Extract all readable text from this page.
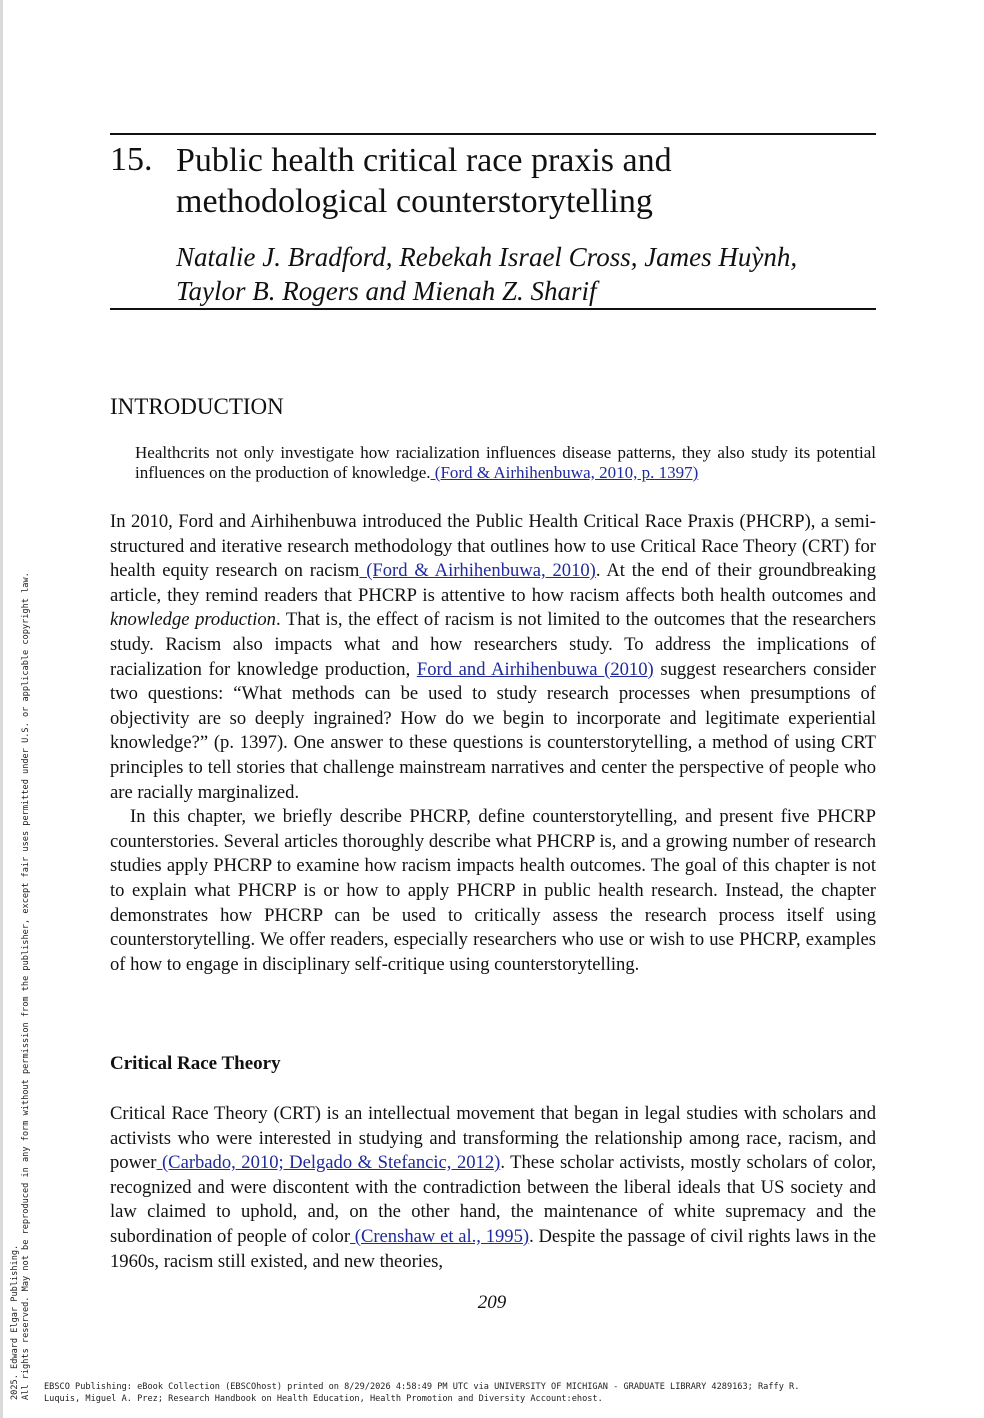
15. Public health critical race praxis and
methodological counterstorytelling
Natalie J. Bradford, Rebekah Israel Cross, James Huỳnh,
Taylor B. Rogers and Mienah Z. Sharif
INTRODUCTION
Healthcrits not only investigate how racialization influences disease patterns, they also study its potential influences on the production of knowledge. (Ford & Airhihenbuwa, 2010, p. 1397)

In 2010, Ford and Airhihenbuwa introduced the Public Health Critical Race Praxis (PHCRP), a semi-structured and iterative research methodology that outlines how to use Critical Race Theory (CRT) for health equity research on racism (Ford & Airhihenbuwa, 2010). At the end of their groundbreaking article, they remind readers that PHCRP is attentive to how racism affects both health outcomes and knowledge production. That is, the effect of racism is not limited to the outcomes that the researchers study. Racism also impacts what and how researchers study. To address the implications of racialization for knowledge production, Ford and Airhihenbuwa (2010) suggest researchers consider two questions: “What methods can be used to study research processes when presumptions of objectivity are so deeply ingrained? How do we begin to incorporate and legitimate experiential knowledge?” (p. 1397). One answer to these questions is counterstorytelling, a method of using CRT principles to tell stories that challenge mainstream narratives and center the perspective of people who are racially marginalized.

In this chapter, we briefly describe PHCRP, define counterstorytelling, and present five PHCRP counterstories. Several articles thoroughly describe what PHCRP is, and a growing number of research studies apply PHCRP to examine how racism impacts health outcomes. The goal of this chapter is not to explain what PHCRP is or how to apply PHCRP in public health research. Instead, the chapter demonstrates how PHCRP can be used to critically assess the research process itself using counterstorytelling. We offer readers, especially researchers who use or wish to use PHCRP, examples of how to engage in disciplinary self-critique using counterstorytelling.

Critical Race Theory

Critical Race Theory (CRT) is an intellectual movement that began in legal studies with scholars and activists who were interested in studying and transforming the relationship among race, racism, and power (Carbado, 2010; Delgado & Stefancic, 2012). These scholar activists, mostly scholars of color, recognized and were discontent with the contradiction between the liberal ideals that US society and law claimed to uphold, and, on the other hand, the maintenance of white supremacy and the subordination of people of color (Crenshaw et al., 1995). Despite the passage of civil rights laws in the 1960s, racism still existed, and new theories,

209
2025. Edward Elgar Publishing. All rights reserved. May not be reproduced in any form without permission from the publisher, except fair uses permitted under U.S. or applicable copyright law. EBSCO Publishing: eBook Collection (EBSCOhost) printed on 8/29/2026 4:58:49 PM UTC via UNIVERSITY OF MICHIGAN - GRADUATE LIBRARY 4289163; Raffy R.
Luquis, Miguel A. Prez; Research Handbook on Health Education, Health Promotion and Diversity Account:ehost.
